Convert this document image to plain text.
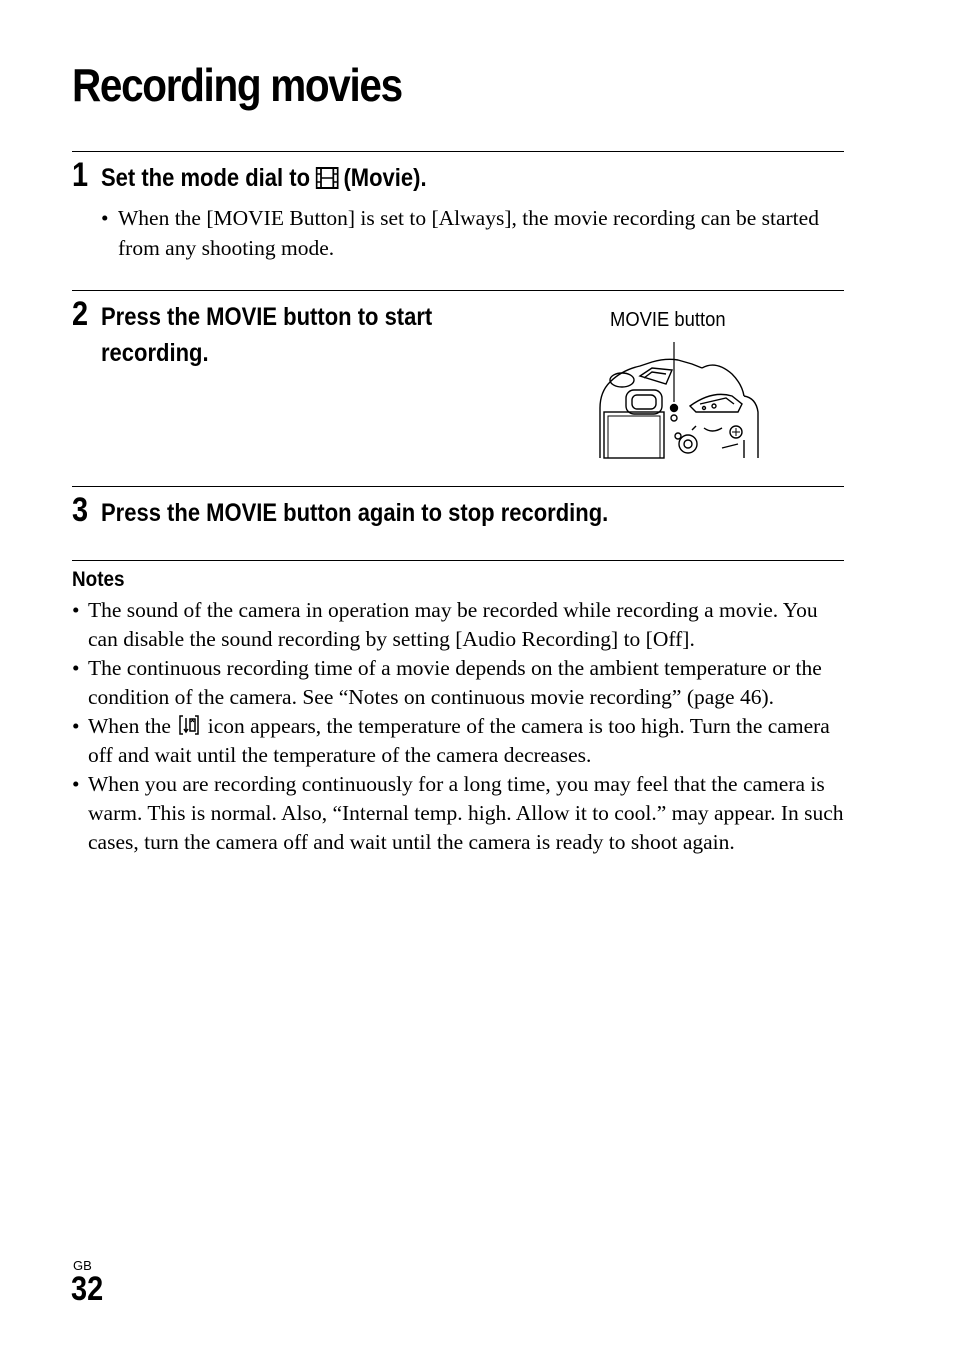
Recording movies
1 Set the mode dial to (Movie).

• When the [MOVIE Button] is set to [Always], the movie recording can be started from any shooting mode.

2 Press the MOVIE button to start
recording.
MOVIE button
3 Press the MOVIE button again to stop recording.
Notes
• The sound of the camera in operation may be recorded while recording a movie. You can disable the sound recording by setting [Audio Recording] to [Off].
• The continuous recording time of a movie depends on the ambient temperature or the condition of the camera. See “Notes on continuous movie recording” (page 46).
• When the icon appears, the temperature of the camera is too high. Turn the camera off and wait until the temperature of the camera decreases.
• When you are recording continuously for a long time, you may feel that the camera is warm. This is normal. Also, “Internal temp. high. Allow it to cool.” may appear. In such cases, turn the camera off and wait until the camera is ready to shoot again.
GB
32
